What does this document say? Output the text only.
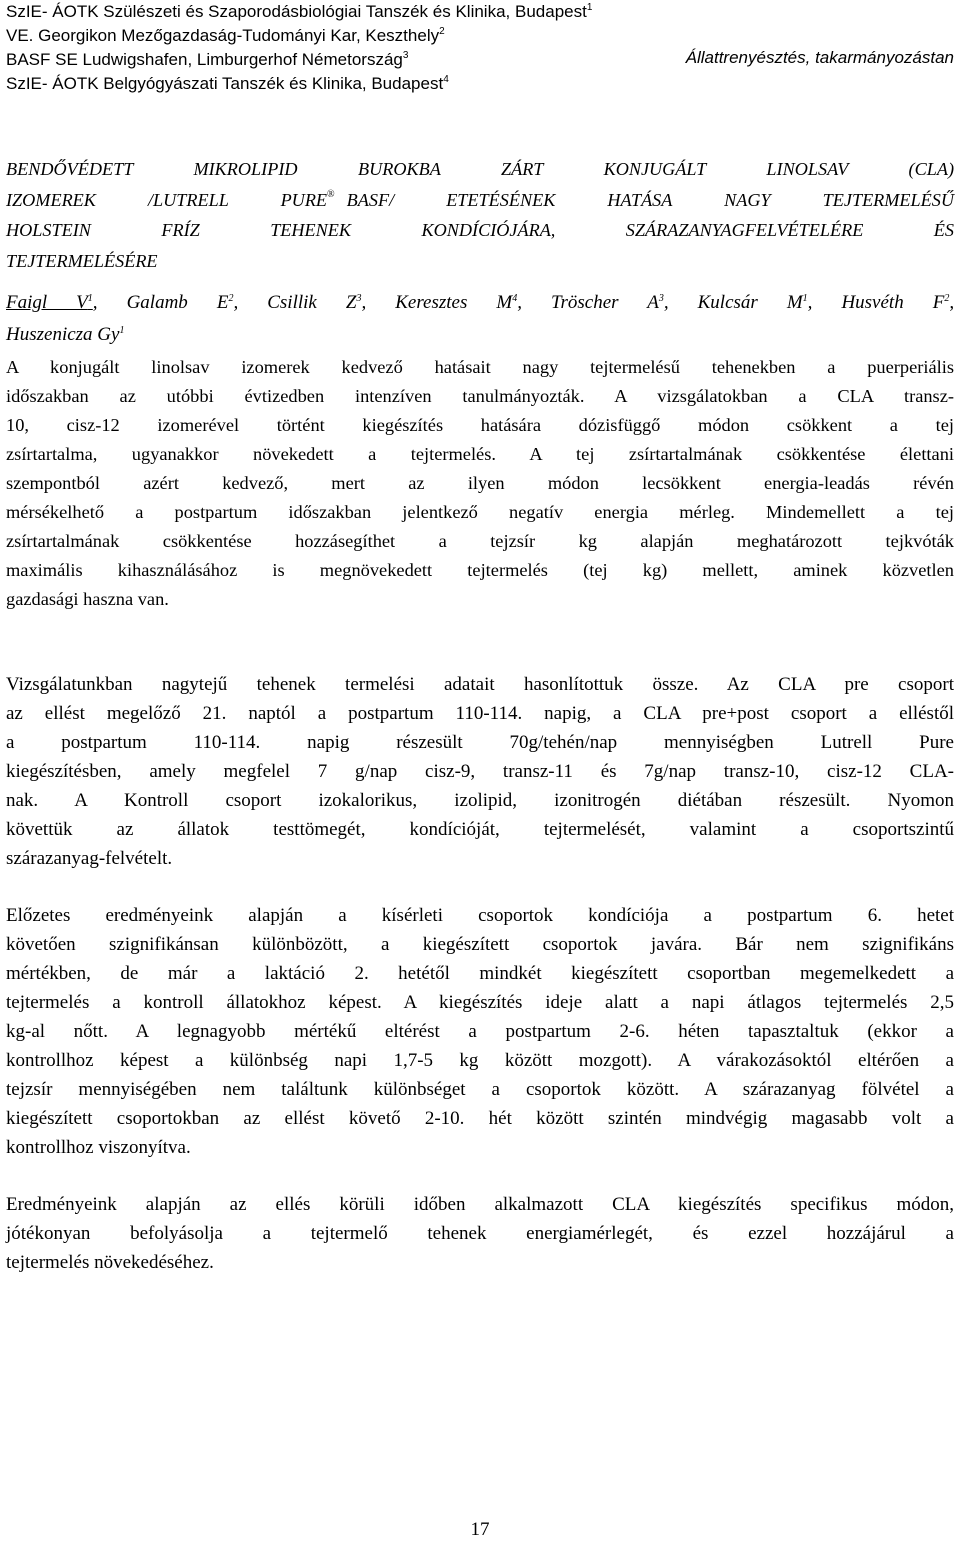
SzIE- ÁOTK Szülészeti és Szaporodásbiológiai Tanszék és Klinika, Budapest$^1$
VE. Georgikon Mezőgazdaság-Tudományi Kar, Keszthely$^2$
BASF SE Ludwigshafen, Limburgerhof Németország$^3$
SzIE- ÁOTK Belgyógyászati Tanszék és Klinika, Budapest$^4$
Állattrenyésztés, takarmányozástan
BENDŐVÉDETT MIKROLIPID BUROKBA ZÁRT KONJUGÁLT LINOLSAV (CLA)
IZOMEREK /LUTRELL PURE® BASF/ ETETÉSÉNEK HATÁSA NAGY TEJTERMELÉSŰ
HOLSTEIN FRÍZ TEHENEK KONDÍCIÓJÁRA, SZÁRAZANYAGFELVÉTELÉRE ÉS
TEJTERMELÉSÉRE
Faigl $V^1$, Galamb $E^2$, Csillik $Z^3$, Keresztes $M^4$, Tröscher $A^3$, Kulcsár $M^1$, Husvéth $F^2$,
Huszenicza Gy$^1$
A konjugált linolsav izomerek kedvező hatásait nagy tejtermelésű tehenekben a puerperiális
időszakban az utóbbi évtizedben intenzíven tanulmányozták. A vizsgálatokban a CLA transz-
10, cisz-12 izomerével történt kiegészítés hatására dózisfüggő módon csökkent a tej
zsírtartalma, ugyanakkor növekedett a tejtermelés. A tej zsírtartalmának csökkentése élettani
szempontból azért kedvező, mert az ilyen módon lecsökkent energia-leadás révén
mérsékelhető a postpartum időszakban jelentkező negatív energia mérleg. Mindemellett a tej
zsírtartalmának csökkentése hozzásegíthet a tejzsír kg alapján meghatározott tejkvóták
maximális kihasználásához is megnövekedett tejtermelés (tej kg) mellett, aminek közvetlen
gazdasági haszna van.
Vizsgálatunkban nagytejű tehenek termelési adatait hasonlítottuk össze. Az CLA pre csoport
az ellést megelőző 21. naptól a postpartum 110-114. napig, a CLA pre+post csoport a elléstől
a postpartum 110-114. napig részesült 70g/tehén/nap mennyiségben Lutrell Pure
kiegészítésben, amely megfelel 7 g/nap cisz-9, transz-11 és 7g/nap transz-10, cisz-12 CLA-
nak. A Kontroll csoport izokalorikus, izolipid, izonitrogén diétában részesült. Nyomon
követtük az állatok testtömegét, kondícióját, tejtermelését, valamint a csoportszintű
szárazanyag-felvételt.
Előzetes eredményeink alapján a kísérleti csoportok kondíciója a postpartum 6. hetet
követően szignifikánsan különbözött, a kiegészített csoportok javára. Bár nem szignifikáns
mértékben, de már a laktáció 2. hetétől mindkét kiegészített csoportban megemelkedett a
tejtermelés a kontroll állatokhoz képest. A kiegészítés ideje alatt a napi átlagos tejtermelés 2,5
kg-al nőtt. A legnagyobb mértékű eltérést a postpartum 2-6. héten tapasztaltuk (ekkor a
kontrollhoz képest a különbség napi 1,7-5 kg között mozgott). A várakozásoktól eltérően a
tejzsír mennyiségében nem találtunk különbséget a csoportok között. A szárazanyag fölvétel a
kiegészített csoportokban az ellést követő 2-10. hét között szintén mindvégig magasabb volt a
kontrollhoz viszonyítva.
Eredményeink alapján az ellés körüli időben alkalmazott CLA kiegészítés specifikus módon,
jótékonyan befolyásolja a tejtermelő tehenek energiamérlegét, és ezzel hozzájárul a
tejtermelés növekedéséhez.
17
